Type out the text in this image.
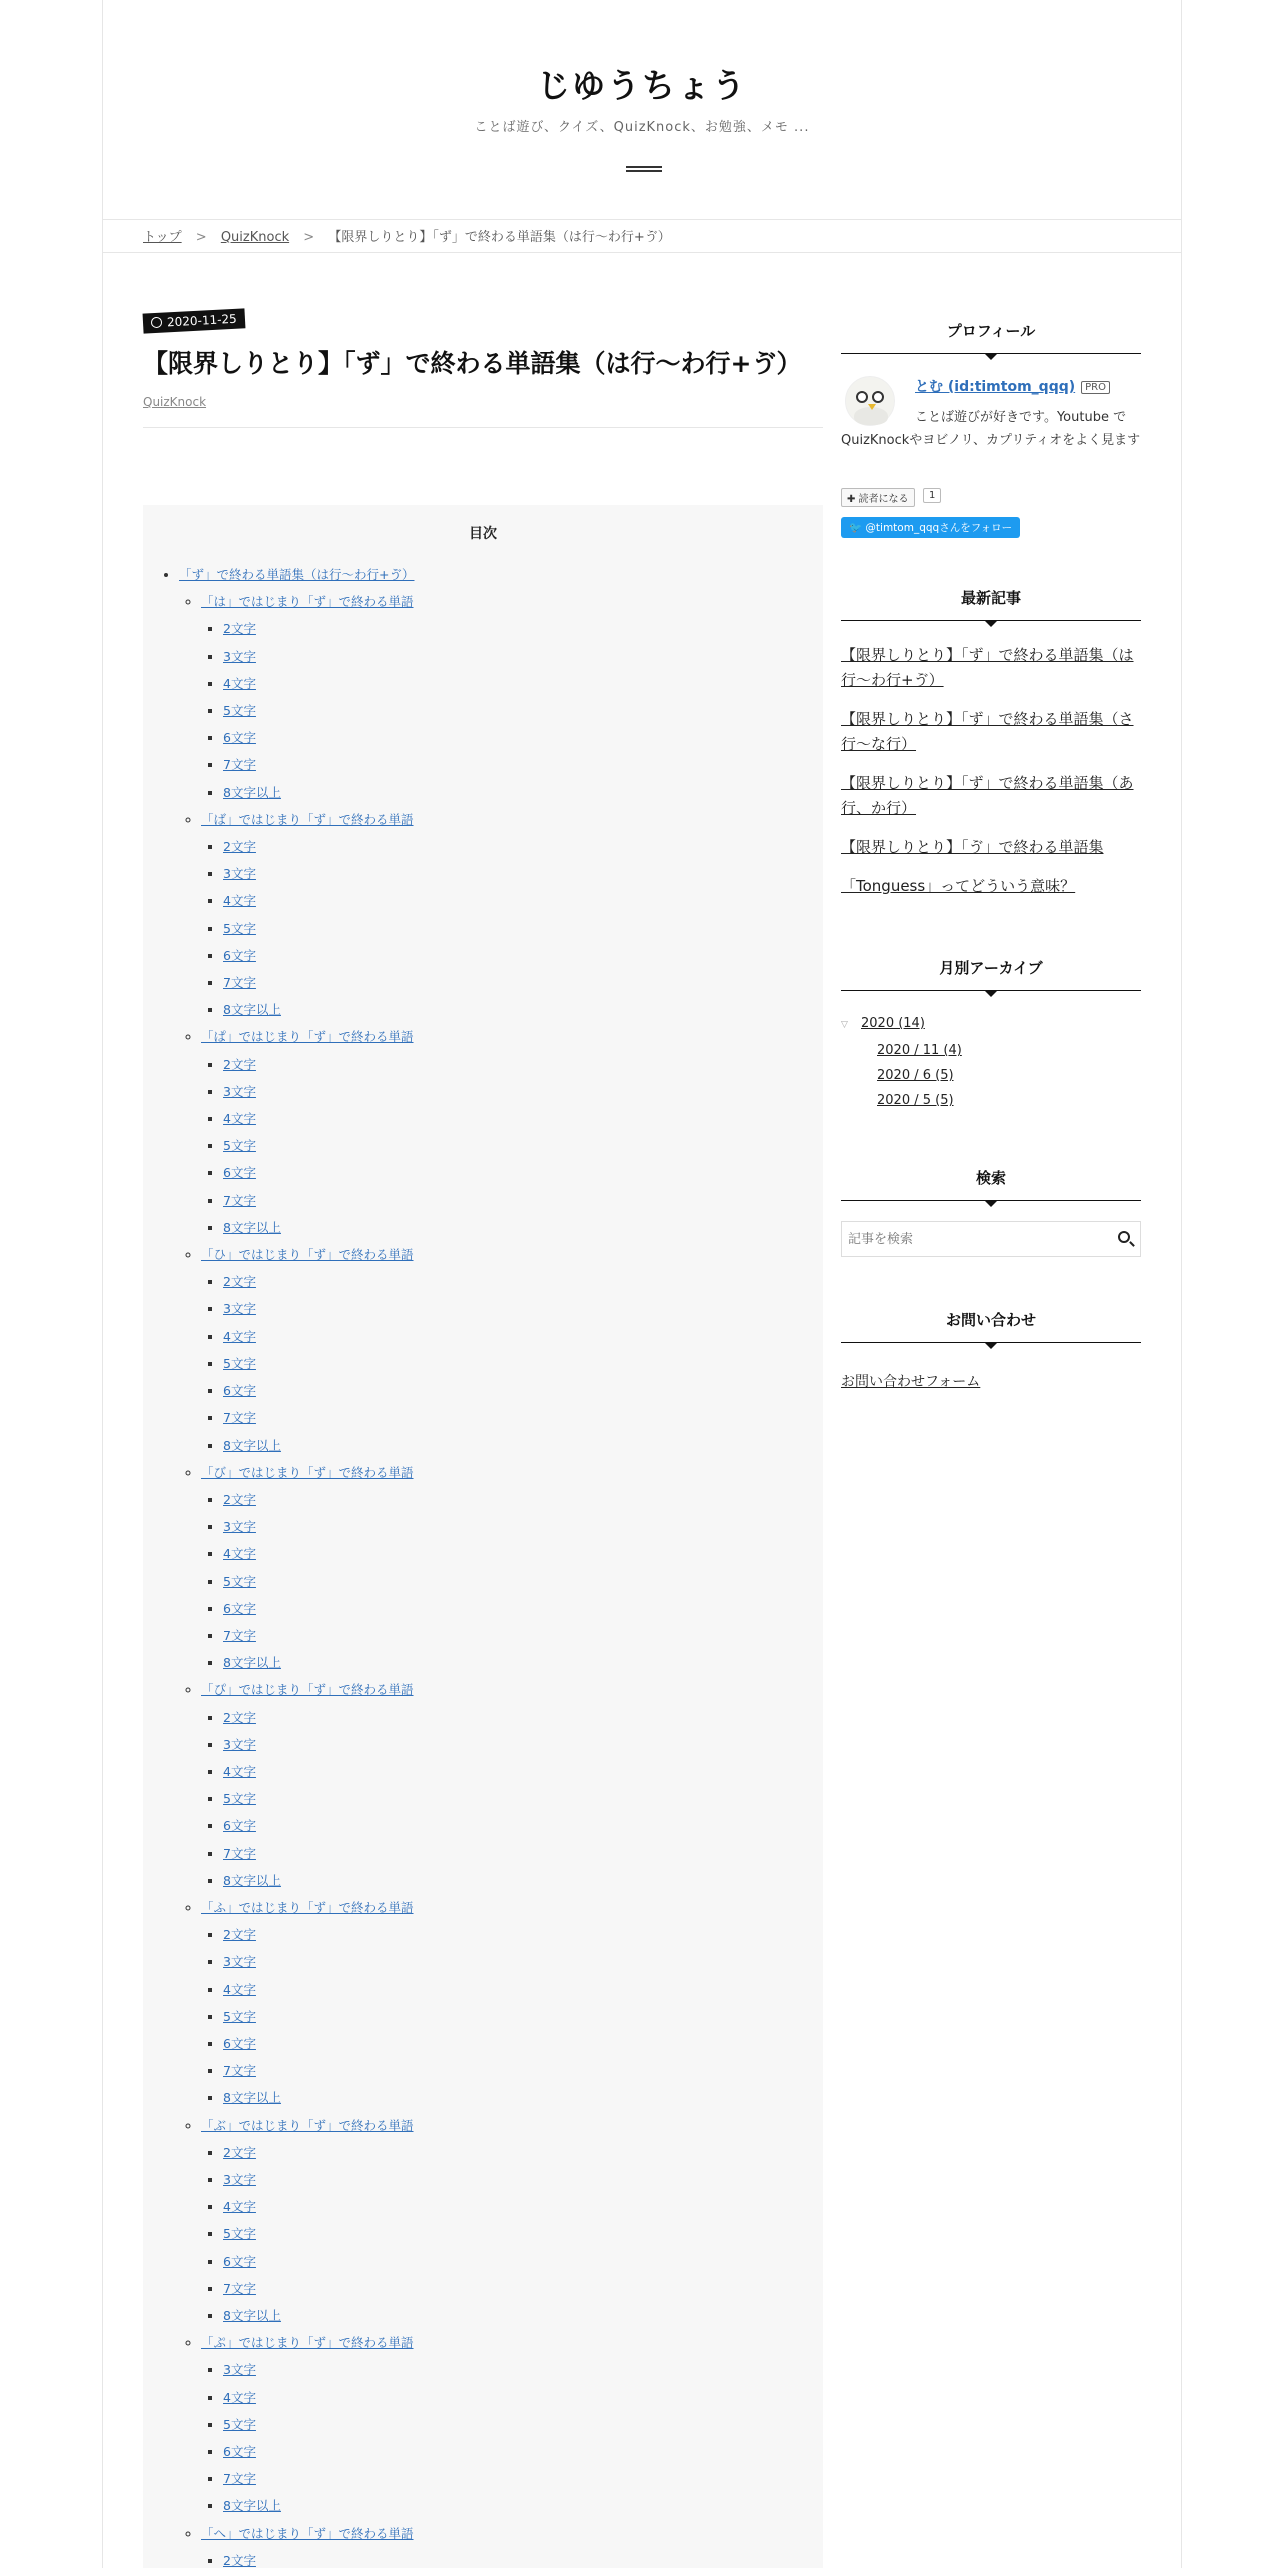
じゆうちょう
ことば遊び、クイズ、QuizKnock、お勉強、メモ ...
トップ > QuizKnock > 【限界しりとり】「ず」で終わる単語集（は行〜わ行+ゔ）
2020-11-25
【限界しりとり】「ず」で終わる単語集（は行〜わ行+ゔ）
QuizKnock
目次
• 「ず」で終わる単語集（は行〜わ行+ゔ）
◦ 「は」ではじまり「ず」で終わる単語
▪ 2文字
▪ 3文字
▪ 4文字
▪ 5文字
▪ 6文字
▪ 7文字
▪ 8文字以上
◦ 「ば」ではじまり「ず」で終わる単語
▪ 2文字
▪ 3文字
▪ 4文字
▪ 5文字
▪ 6文字
▪ 7文字
▪ 8文字以上
◦ 「ぱ」ではじまり「ず」で終わる単語
▪ 2文字
▪ 3文字
▪ 4文字
▪ 5文字
▪ 6文字
▪ 7文字
▪ 8文字以上
◦ 「ひ」ではじまり「ず」で終わる単語
▪ 2文字
▪ 3文字
▪ 4文字
▪ 5文字
▪ 6文字
▪ 7文字
▪ 8文字以上
◦ 「び」ではじまり「ず」で終わる単語
▪ 2文字
▪ 3文字
▪ 4文字
▪ 5文字
▪ 6文字
▪ 7文字
▪ 8文字以上
◦ 「ぴ」ではじまり「ず」で終わる単語
▪ 2文字
▪ 3文字
▪ 4文字
▪ 5文字
▪ 6文字
▪ 7文字
▪ 8文字以上
◦ 「ふ」ではじまり「ず」で終わる単語
▪ 2文字
▪ 3文字
▪ 4文字
▪ 5文字
▪ 6文字
▪ 7文字
▪ 8文字以上
◦ 「ぶ」ではじまり「ず」で終わる単語
▪ 2文字
▪ 3文字
▪ 4文字
▪ 5文字
▪ 6文字
▪ 7文字
▪ 8文字以上
◦ 「ぷ」ではじまり「ず」で終わる単語
▪ 3文字
▪ 4文字
▪ 5文字
▪ 6文字
▪ 7文字
▪ 8文字以上
◦ 「へ」ではじまり「ず」で終わる単語
▪ 2文字
プロフィール
とむ (id:timtom_qqq) PRO
ことば遊びが好きです。Youtube でQuizKnockやヨビノリ、カプリティオをよく見ます
✚ 読者になる	1
🐦 @timtom_qqqさんをフォロー
最新記事
【限界しりとり】「ず」で終わる単語集（は行〜わ行+ゔ）
【限界しりとり】「ず」で終わる単語集（さ行〜な行）
【限界しりとり】「ず」で終わる単語集（あ行、か行）
【限界しりとり】「ゔ」で終わる単語集
「Tonguess」ってどういう意味？
月別アーカイブ
▽ 2020 (14)
2020 / 11 (4)
2020 / 6 (5)
2020 / 5 (5)
検索
記事を検索
お問い合わせ
お問い合わせフォーム
